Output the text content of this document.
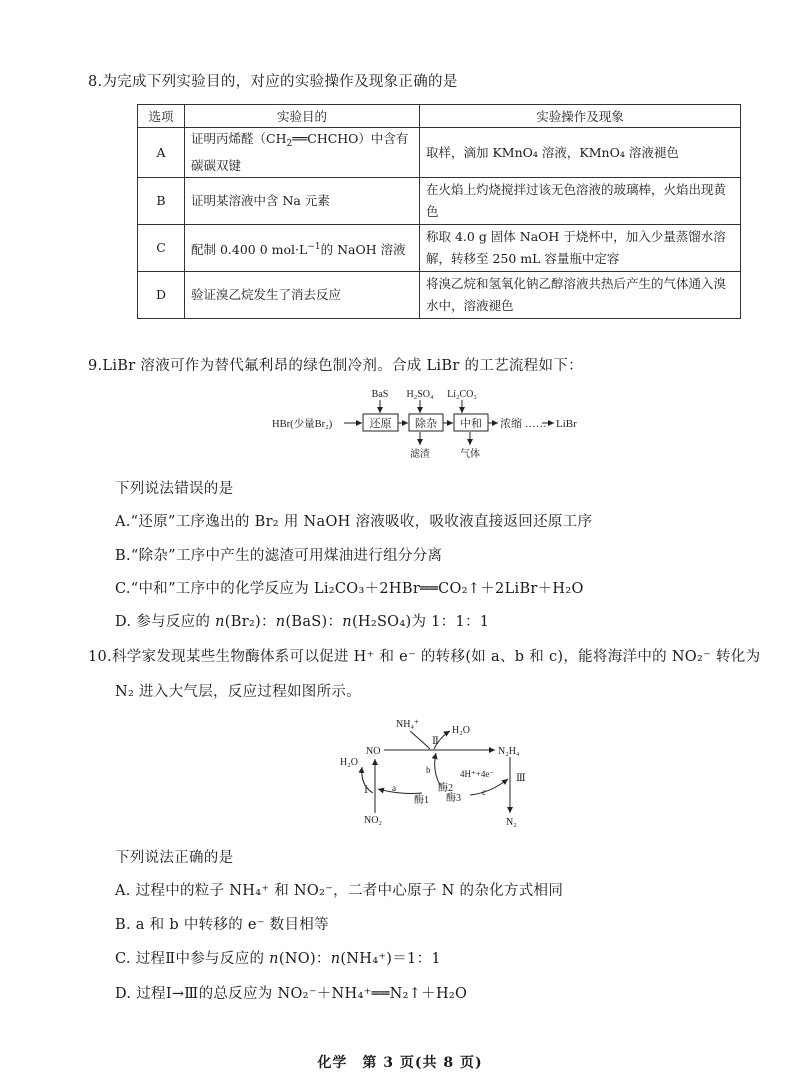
8.为完成下列实验目的，对应的实验操作及现象正确的是
选项	实验目的	实验操作及现象
A	证明丙烯醛$(CH_2══CHCHO)$中含有碳碳双键	取样，滴加 KMnO₄ 溶液，KMnO₄ 溶液褪色
B	证明某溶液中含 Na 元素	在火焰上灼烧搅拌过该无色溶液的玻璃棒，火焰出现黄色
C	配制 0.400 0 $mol\cdot L^{-1}$的 NaOH 溶液	称取 4.0 g 固体 NaOH 于烧杯中，加入少量蒸馏水溶解，转移至 250 mL 容量瓶中定容
D	验证溴乙烷发生了消去反应	将溴乙烷和氢氧化钠乙醇溶液共热后产生的气体通入溴水中，溶液褪色
9.LiBr 溶液可作为替代氟利昂的绿色制冷剂。合成 LiBr 的工艺流程如下：
HBr(少量Br₂)	还原 除杂 中和 浓缩 …… LiBr
BaS H₂SO₄ Li₂CO₃
滤渣	气体
下列说法错误的是
A.“还原”工序逸出的 Br₂ 用 NaOH 溶液吸收，吸收液直接返回还原工序
B.“除杂”工序中产生的滤渣可用煤油进行组分分离
C.“中和”工序中的化学反应为 Li₂CO₃＋2HBr══CO₂↑＋2LiBr＋H₂O
D. 参与反应的 n(Br₂)：n(BaS)：n(H₂SO₄)为 1：1：1
10.科学家发现某些生物酶体系可以促进 H⁺ 和 e⁻ 的转移(如 a、b 和 c)，能将海洋中的 NO₂⁻ 转化为
N₂ 进入大气层，反应过程如图所示。
NO	N₂H₄
Ⅱ
NH₄⁺
H₂O
NO₂
Ⅰ
H₂O
a
酶1
b
酶2
酶3
N₂
Ⅲ
4H⁺+4e⁻
c
下列说法正确的是
A. 过程中的粒子 NH₄⁺ 和 NO₂⁻，二者中心原子 N 的杂化方式相同
B. a 和 b 中转移的 e⁻ 数目相等
C. 过程Ⅱ中参与反应的 n(NO)：n(NH₄⁺)＝1：1
D. 过程Ⅰ→Ⅲ的总反应为 NO₂⁻＋NH₄⁺══N₂↑＋H₂O
化学　第 3 页(共 8 页)
